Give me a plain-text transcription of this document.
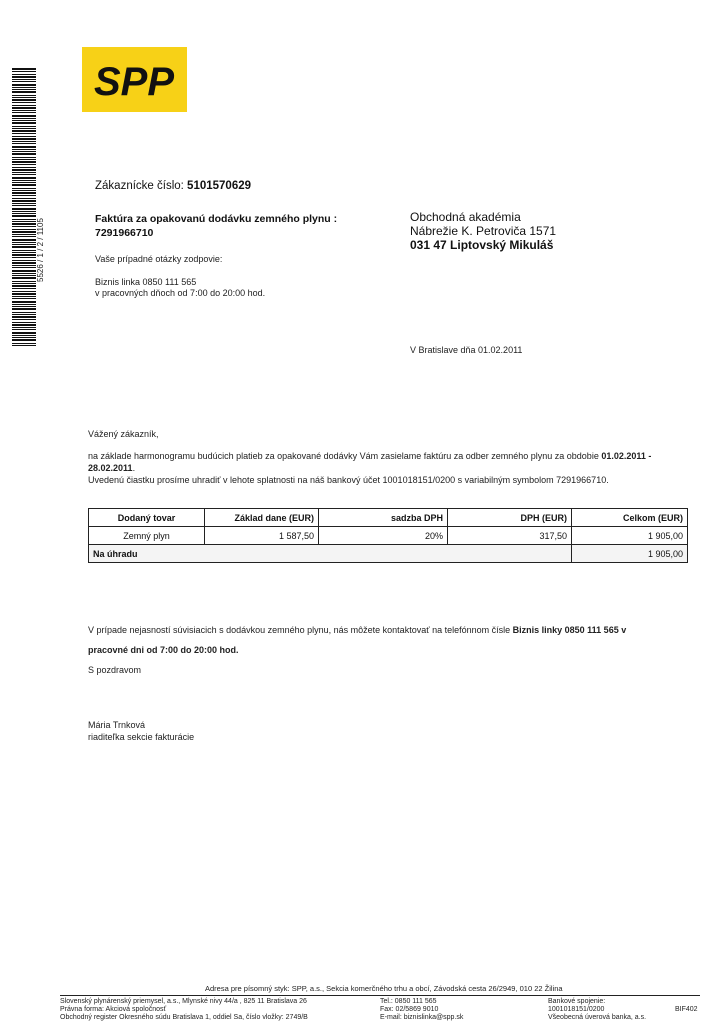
SPP
5526 / 1 / 2 / 1105
Zákaznícke číslo: 5101570629
Faktúra za opakovanú dodávku zemného plynu :
7291966710
Vaše prípadné otázky zodpovie:
Biznis linka 0850 111 565
v pracovných dňoch od 7:00 do 20:00 hod.
Obchodná akadémia
Nábrežie K. Petroviča 1571
031 47 Liptovský Mikuláš
V Bratislave dňa 01.02.2011
Vážený zákazník,
na základe harmonogramu budúcich platieb za opakované dodávky Vám zasielame faktúru za odber zemného plynu za obdobie 01.02.2011 - 28.02.2011.
Uvedenú čiastku prosíme uhradiť v lehote splatnosti na náš bankový účet 1001018151/0200 s variabilným symbolom 7291966710.
Dodaný tovar	Základ dane (EUR)	sadzba DPH	DPH (EUR)	Celkom (EUR)
Zemný plyn	1 587,50	20%	317,50	1 905,00
Na úhradu				1 905,00
V prípade nejasností súvisiacich s dodávkou zemného plynu, nás môžete kontaktovať na telefónnom čísle Biznis linky 0850 111 565 v
pracovné dni od 7:00 do 20:00 hod.
S pozdravom
Mária Trnková
riaditeľka sekcie fakturácie
Adresa pre písomný styk: SPP, a.s., Sekcia komerčného trhu a obcí, Závodská cesta 26/2949, 010 22 Žilina
Slovenský plynárenský priemysel, a.s., Mlynské nivy 44/a , 825 11 Bratislava 26
Právna forma: Akciová spoločnosť
Obchodný register Okresného súdu Bratislava 1, oddiel Sa, číslo vložky: 2749/B
Tel.: 0850 111 565
Fax: 02/5869 9010
E-mail: biznislinka@spp.sk
Bankové spojenie:
1001018151/0200
Všeobecná úverová banka, a.s.
BIF402
